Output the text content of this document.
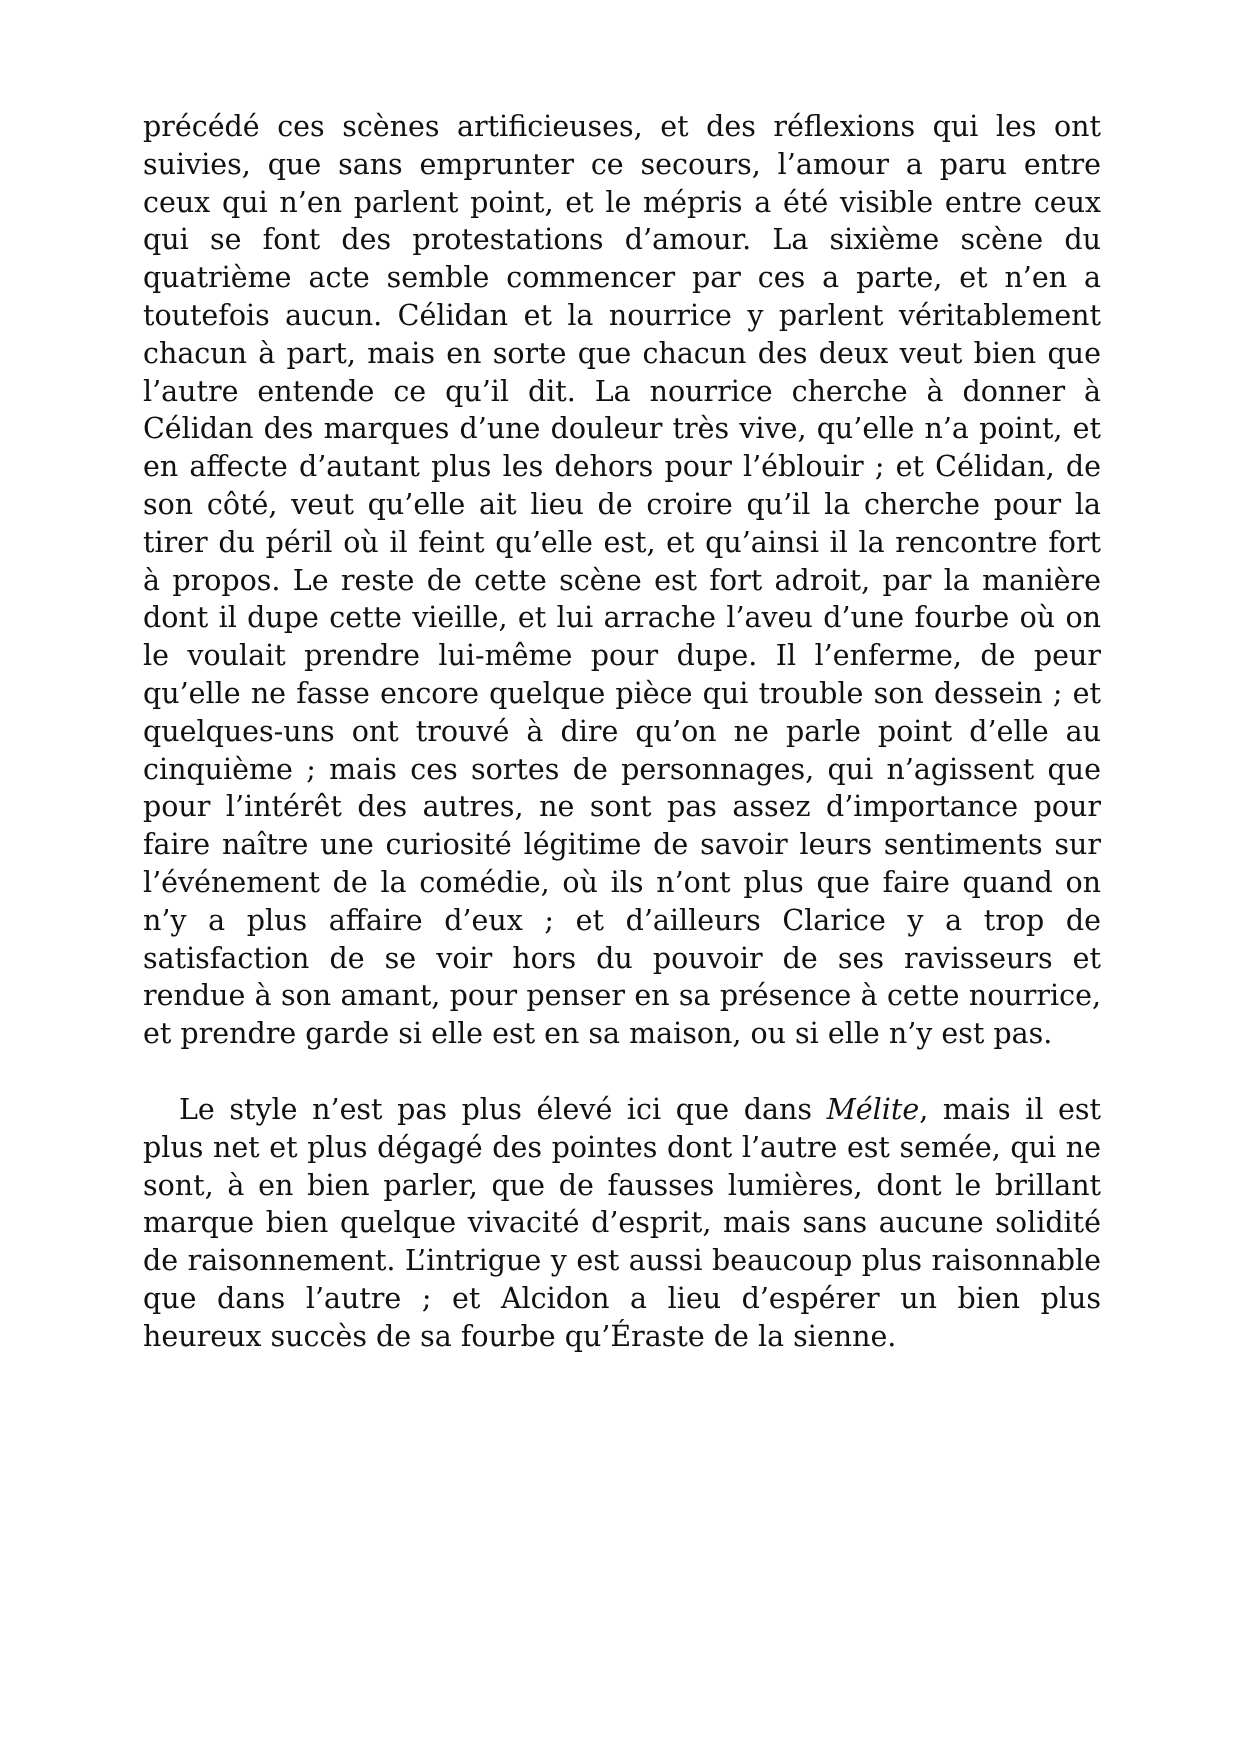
précédé ces scènes artificieuses, et des réflexions qui les ont suivies, que sans emprunter ce secours, l’amour a paru entre ceux qui n’en parlent point, et le mépris a été visible entre ceux qui se font des protestations d’amour. La sixième scène du quatrième acte semble commencer par ces a parte, et n’en a toutefois aucun. Célidan et la nourrice y parlent véritablement chacun à part, mais en sorte que chacun des deux veut bien que l’autre entende ce qu’il dit. La nourrice cherche à donner à Célidan des marques d’une douleur très vive, qu’elle n’a point, et en affecte d’autant plus les dehors pour l’éblouir ; et Célidan, de son côté, veut qu’elle ait lieu de croire qu’il la cherche pour la tirer du péril où il feint qu’elle est, et qu’ainsi il la rencontre fort à propos. Le reste de cette scène est fort adroit, par la manière dont il dupe cette vieille, et lui arrache l’aveu d’une fourbe où on le voulait prendre lui-même pour dupe. Il l’enferme, de peur qu’elle ne fasse encore quelque pièce qui trouble son dessein ; et quelques-uns ont trouvé à dire qu’on ne parle point d’elle au cinquième ; mais ces sortes de personnages, qui n’agissent que pour l’intérêt des autres, ne sont pas assez d’importance pour faire naître une curiosité légitime de savoir leurs sentiments sur l’événement de la comédie, où ils n’ont plus que faire quand on n’y a plus affaire d’eux ; et d’ailleurs Clarice y a trop de satisfaction de se voir hors du pouvoir de ses ravisseurs et rendue à son amant, pour penser en sa présence à cette nourrice, et prendre garde si elle est en sa maison, ou si elle n’y est pas.

Le style n’est pas plus élevé ici que dans Mélite, mais il est plus net et plus dégagé des pointes dont l’autre est semée, qui ne sont, à en bien parler, que de fausses lumières, dont le brillant marque bien quelque vivacité d’esprit, mais sans aucune solidité de raisonnement. L’intrigue y est aussi beaucoup plus raisonnable que dans l’autre ; et Alcidon a lieu d’espérer un bien plus heureux succès de sa fourbe qu’Éraste de la sienne.
